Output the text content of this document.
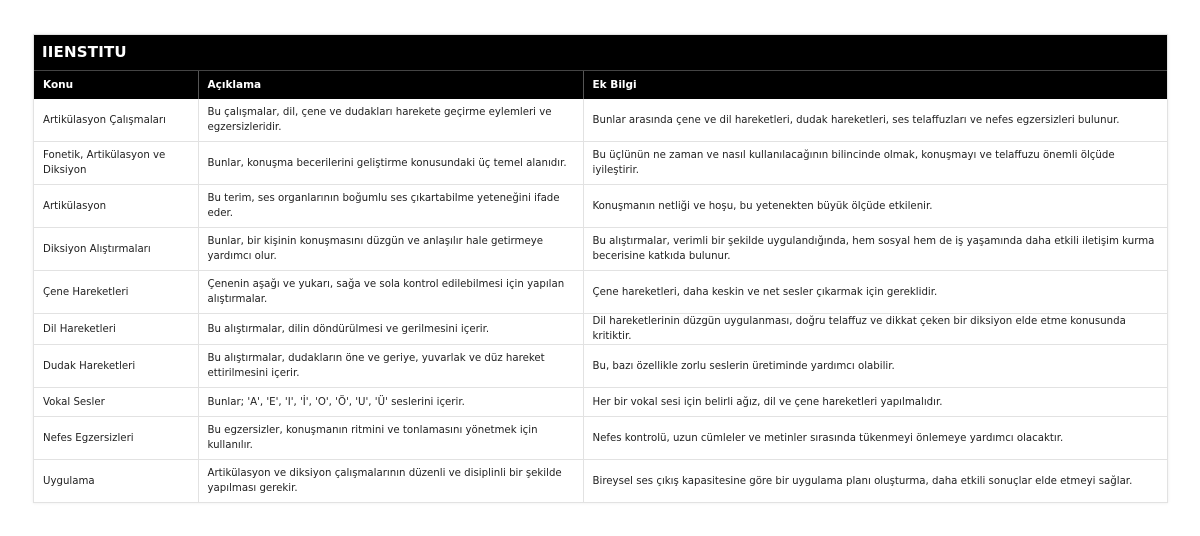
IIENSTITU
Konu	Açıklama	Ek Bilgi
Artikülasyon Çalışmaları	Bu çalışmalar, dil, çene ve dudakları harekete geçirme eylemleri ve egzersizleridir.	Bunlar arasında çene ve dil hareketleri, dudak hareketleri, ses telaffuzları ve nefes egzersizleri bulunur.
Fonetik, Artikülasyon ve Diksiyon	Bunlar, konuşma becerilerini geliştirme konusundaki üç temel alanıdır.	Bu üçlünün ne zaman ve nasıl kullanılacağının bilincinde olmak, konuşmayı ve telaffuzu önemli ölçüde iyileştirir.
Artikülasyon	Bu terim, ses organlarının boğumlu ses çıkartabilme yeteneğini ifade eder.	Konuşmanın netliği ve hoşu, bu yetenekten büyük ölçüde etkilenir.
Diksiyon Alıştırmaları	Bunlar, bir kişinin konuşmasını düzgün ve anlaşılır hale getirmeye yardımcı olur.	Bu alıştırmalar, verimli bir şekilde uygulandığında, hem sosyal hem de iş yaşamında daha etkili iletişim kurma becerisine katkıda bulunur.
Çene Hareketleri	Çenenin aşağı ve yukarı, sağa ve sola kontrol edilebilmesi için yapılan alıştırmalar.	Çene hareketleri, daha keskin ve net sesler çıkarmak için gereklidir.
Dil Hareketleri	Bu alıştırmalar, dilin döndürülmesi ve gerilmesini içerir.	Dil hareketlerinin düzgün uygulanması, doğru telaffuz ve dikkat çeken bir diksiyon elde etme konusunda kritiktir.
Dudak Hareketleri	Bu alıştırmalar, dudakların öne ve geriye, yuvarlak ve düz hareket ettirilmesini içerir.	Bu, bazı özellikle zorlu seslerin üretiminde yardımcı olabilir.
Vokal Sesler	Bunlar; 'A', 'E', 'I', 'İ', 'O', 'Ö', 'U', 'Ü' seslerini içerir.	Her bir vokal sesi için belirli ağız, dil ve çene hareketleri yapılmalıdır.
Nefes Egzersizleri	Bu egzersizler, konuşmanın ritmini ve tonlamasını yönetmek için kullanılır.	Nefes kontrolü, uzun cümleler ve metinler sırasında tükenmeyi önlemeye yardımcı olacaktır.
Uygulama	Artikülasyon ve diksiyon çalışmalarının düzenli ve disiplinli bir şekilde yapılması gerekir.	Bireysel ses çıkış kapasitesine göre bir uygulama planı oluşturma, daha etkili sonuçlar elde etmeyi sağlar.
